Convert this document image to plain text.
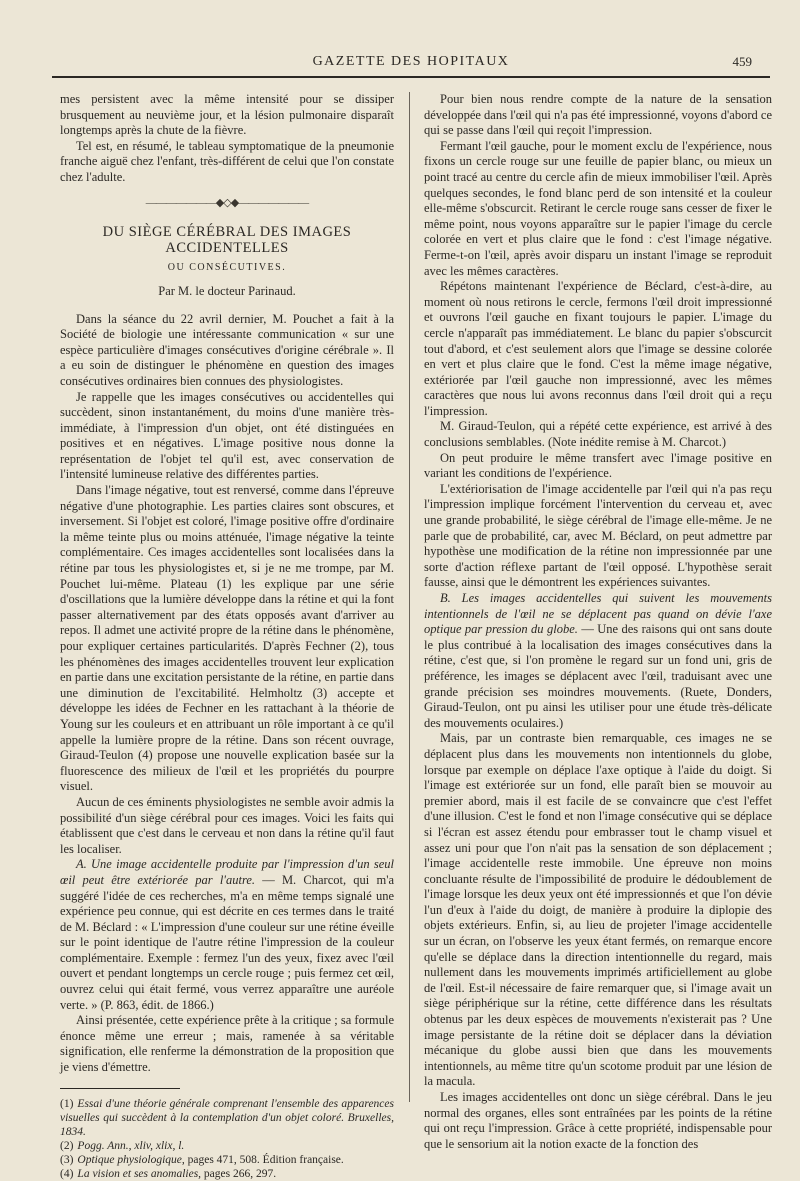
GAZETTE DES HOPITAUX	459

mes persistent avec la même intensité pour se dissiper brusquement au neuvième jour, et la lésion pulmonaire disparaît longtemps après la chute de la fièvre.

Tel est, en résumé, le tableau symptomatique de la pneumonie franche aiguë chez l'enfant, très-différent de celui que l'on constate chez l'adulte.

———————◆◇◆———————
DU SIÈGE CÉRÉBRAL DES IMAGES ACCIDENTELLES
OU CONSÉCUTIVES.
Par M. le docteur Parinaud.

Dans la séance du 22 avril dernier, M. Pouchet a fait à la Société de biologie une intéressante communication « sur une espèce particulière d'images consécutives d'origine cérébrale ». Il a eu soin de distinguer le phénomène en question des images consécutives ordinaires bien connues des physiologistes.

Je rappelle que les images consécutives ou accidentelles qui succèdent, sinon instantanément, du moins d'une manière très-immédiate, à l'impression d'un objet, ont été distinguées en positives et en négatives. L'image positive nous donne la représentation de l'objet tel qu'il est, avec conservation de l'intensité lumineuse relative des différentes parties.

Dans l'image négative, tout est renversé, comme dans l'épreuve négative d'une photographie. Les parties claires sont obscures, et inversement. Si l'objet est coloré, l'image positive offre d'ordinaire la même teinte plus ou moins atténuée, l'image négative la teinte complémentaire. Ces images accidentelles sont localisées dans la rétine par tous les physiologistes et, si je ne me trompe, par M. Pouchet lui-même. Plateau (1) les explique par une série d'oscillations que la lumière développe dans la rétine et qui la font passer alternativement par des états opposés avant d'arriver au repos. Il admet une activité propre de la rétine dans le phénomène, pour expliquer certaines particularités. D'après Fechner (2), tous les phénomènes des images accidentelles trouvent leur explication en partie dans une excitation persistante de la rétine, en partie dans une diminution de l'excitabilité. Helmholtz (3) accepte et développe les idées de Fechner en les rattachant à la théorie de Young sur les couleurs et en attribuant un rôle important à ce qu'il appelle la lumière propre de la rétine. Dans son récent ouvrage, Giraud-Teulon (4) propose une nouvelle explication basée sur la fluorescence des milieux de l'œil et les propriétés du pourpre visuel.

Aucun de ces éminents physiologistes ne semble avoir admis la possibilité d'un siège cérébral pour ces images. Voici les faits qui établissent que c'est dans le cerveau et non dans la rétine qu'il faut les localiser.

A. Une image accidentelle produite par l'impression d'un seul œil peut être extériorée par l'autre. — M. Charcot, qui m'a suggéré l'idée de ces recherches, m'a en même temps signalé une expérience peu connue, qui est décrite en ces termes dans le traité de M. Béclard : « L'impression d'une couleur sur une rétine éveille sur le point identique de l'autre rétine l'impression de la couleur complémentaire. Exemple : fermez l'un des yeux, fixez avec l'œil ouvert et pendant longtemps un cercle rouge ; puis fermez cet œil, ouvrez celui qui était fermé, vous verrez apparaître une auréole verte. » (P. 863, édit. de 1866.)

Ainsi présentée, cette expérience prête à la critique ; sa formule énonce même une erreur ; mais, ramenée à sa véritable signification, elle renferme la démonstration de la proposition que je viens d'émettre.

(1) Essai d'une théorie générale comprenant l'ensemble des apparences visuelles qui succèdent à la contemplation d'un objet coloré. Bruxelles, 1834.

(2) Pogg. Ann., xliv, xlix, l.

(3) Optique physiologique, pages 471, 508. Édition française.

(4) La vision et ses anomalies, pages 266, 297.

Pour bien nous rendre compte de la nature de la sensation développée dans l'œil qui n'a pas été impressionné, voyons d'abord ce qui se passe dans l'œil qui reçoit l'impression.

Fermant l'œil gauche, pour le moment exclu de l'expérience, nous fixons un cercle rouge sur une feuille de papier blanc, ou mieux un point tracé au centre du cercle afin de mieux immobiliser l'œil. Après quelques secondes, le fond blanc perd de son intensité et la couleur elle-même s'obscurcit. Retirant le cercle rouge sans cesser de fixer le même point, nous voyons apparaître sur le papier l'image du cercle colorée en vert et plus claire que le fond : c'est l'image négative. Ferme-t-on l'œil, après avoir disparu un instant l'image se reproduit avec les mêmes caractères.

Répétons maintenant l'expérience de Béclard, c'est-à-dire, au moment où nous retirons le cercle, fermons l'œil droit impressionné et ouvrons l'œil gauche en fixant toujours le papier. L'image du cercle n'apparaît pas immédiatement. Le blanc du papier s'obscurcit tout d'abord, et c'est seulement alors que l'image se dessine colorée en vert et plus claire que le fond. C'est la même image négative, extériorée par l'œil gauche non impressionné, avec les mêmes caractères que nous lui avons reconnus dans l'œil droit qui a reçu l'impression.

M. Giraud-Teulon, qui a répété cette expérience, est arrivé à des conclusions semblables. (Note inédite remise à M. Charcot.)

On peut produire le même transfert avec l'image positive en variant les conditions de l'expérience.

L'extériorisation de l'image accidentelle par l'œil qui n'a pas reçu l'impression implique forcément l'intervention du cerveau et, avec une grande probabilité, le siège cérébral de l'image elle-même. Je ne parle que de probabilité, car, avec M. Béclard, on peut admettre par hypothèse une modification de la rétine non impressionnée par une sorte d'action réflexe partant de l'œil opposé. L'hypothèse serait fausse, ainsi que le démontrent les expériences suivantes.

B. Les images accidentelles qui suivent les mouvements intentionnels de l'œil ne se déplacent pas quand on dévie l'axe optique par pression du globe. — Une des raisons qui ont sans doute le plus contribué à la localisation des images consécutives dans la rétine, c'est que, si l'on promène le regard sur un fond uni, gris de préférence, les images se déplacent avec l'œil, traduisant avec une grande précision ses moindres mouvements. (Ruete, Donders, Giraud-Teulon, ont pu ainsi les utiliser pour une étude très-délicate des mouvements oculaires.)

Mais, par un contraste bien remarquable, ces images ne se déplacent plus dans les mouvements non intentionnels du globe, lorsque par exemple on déplace l'axe optique à l'aide du doigt. Si l'image est extériorée sur un fond, elle paraît bien se mouvoir au premier abord, mais il est facile de se convaincre que c'est l'effet d'une illusion. C'est le fond et non l'image consécutive qui se déplace si l'écran est assez étendu pour embrasser tout le champ visuel et assez uni pour que l'on n'ait pas la sensation de son déplacement ; l'image accidentelle reste immobile. Une épreuve non moins concluante résulte de l'impossibilité de produire le dédoublement de l'image lorsque les deux yeux ont été impressionnés et que l'on dévie l'un d'eux à l'aide du doigt, de manière à produire la diplopie des objets extérieurs. Enfin, si, au lieu de projeter l'image accidentelle sur un écran, on l'observe les yeux étant fermés, on remarque encore qu'elle se déplace dans la direction intentionnelle du regard, mais nullement dans les mouvements imprimés artificiellement au globe de l'œil. Est-il nécessaire de faire remarquer que, si l'image avait un siège périphérique sur la rétine, cette différence dans les résultats obtenus par les deux espèces de mouvements n'existerait pas ? Une image persistante de la rétine doit se déplacer dans la déviation mécanique du globe aussi bien que dans les mouvements intentionnels, au même titre qu'un scotome produit par une lésion de la macula.

Les images accidentelles ont donc un siège cérébral. Dans le jeu normal des organes, elles sont entraînées par les points de la rétine qui ont reçu l'impression. Grâce à cette propriété, indispensable pour que le sensorium ait la notion exacte de la fonction des
